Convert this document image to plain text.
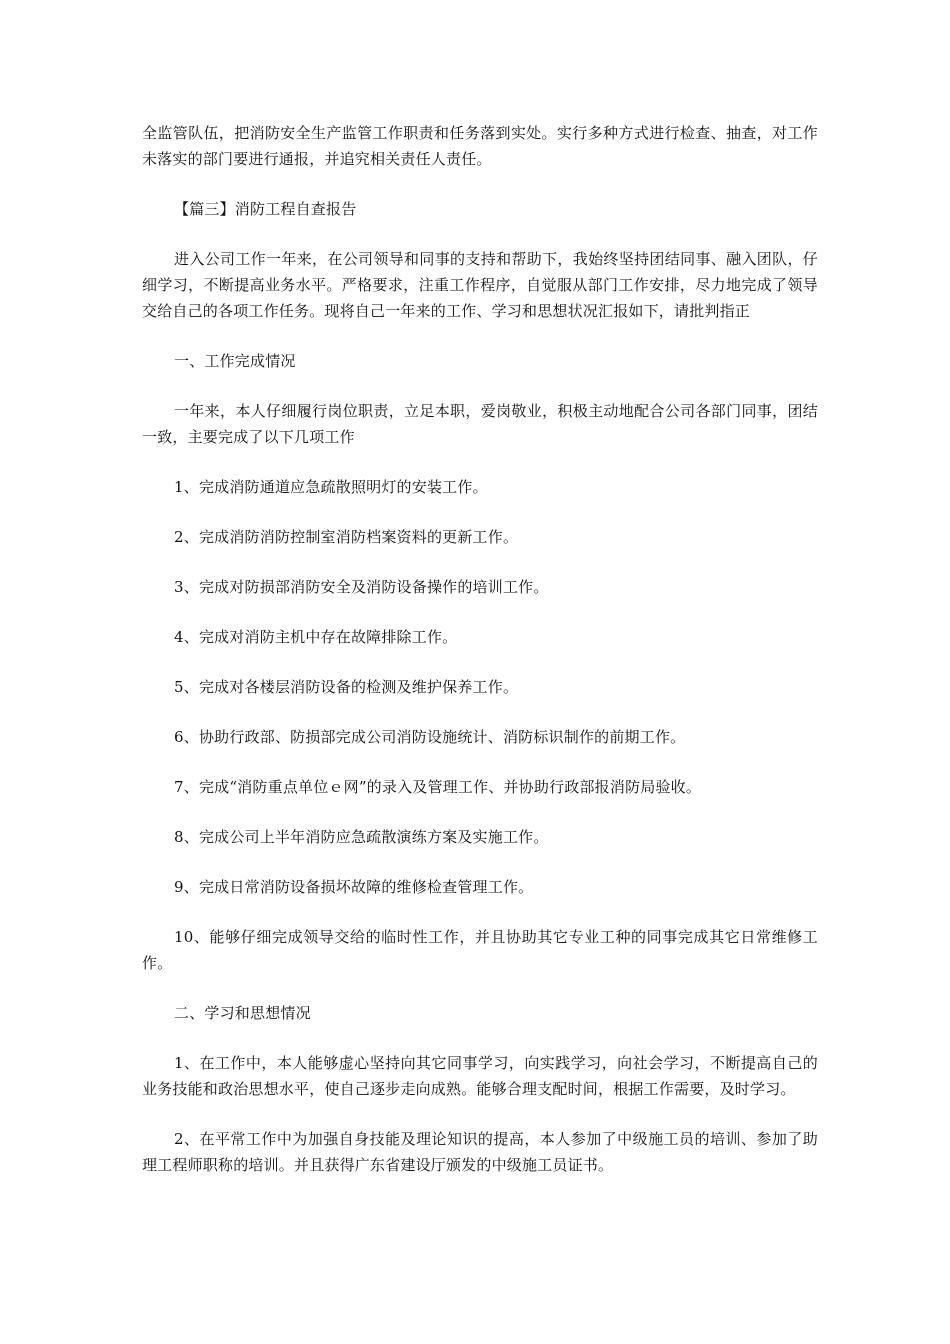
全监管队伍，把消防安全生产监管工作职责和任务落到实处。实行多种方式进行检查、抽查，对工作未落实的部门要进行通报，并追究相关责任人责任。

【篇三】消防工程自查报告

进入公司工作一年来，在公司领导和同事的支持和帮助下，我始终坚持团结同事、融入团队，仔细学习，不断提高业务水平。严格要求，注重工作程序，自觉服从部门工作安排，尽力地完成了领导交给自己的各项工作任务。现将自己一年来的工作、学习和思想状况汇报如下，请批判指正

一、工作完成情况

一年来，本人仔细履行岗位职责，立足本职，爱岗敬业，积极主动地配合公司各部门同事，团结一致，主要完成了以下几项工作

1、完成消防通道应急疏散照明灯的安装工作。

2、完成消防消防控制室消防档案资料的更新工作。

3、完成对防损部消防安全及消防设备操作的培训工作。

4、完成对消防主机中存在故障排除工作。

5、完成对各楼层消防设备的检测及维护保养工作。

6、协助行政部、防损部完成公司消防设施统计、消防标识制作的前期工作。

7、完成“消防重点单位ｅ网”的录入及管理工作、并协助行政部报消防局验收。

8、完成公司上半年消防应急疏散演练方案及实施工作。

9、完成日常消防设备损坏故障的维修检查管理工作。

10、能够仔细完成领导交给的临时性工作，并且协助其它专业工种的同事完成其它日常维修工作。

二、学习和思想情况

1、在工作中，本人能够虚心坚持向其它同事学习，向实践学习，向社会学习，不断提高自己的业务技能和政治思想水平，使自己逐步走向成熟。能够合理支配时间，根据工作需要，及时学习。

2、在平常工作中为加强自身技能及理论知识的提高，本人参加了中级施工员的培训、参加了助理工程师职称的培训。并且获得广东省建设厅颁发的中级施工员证书。
